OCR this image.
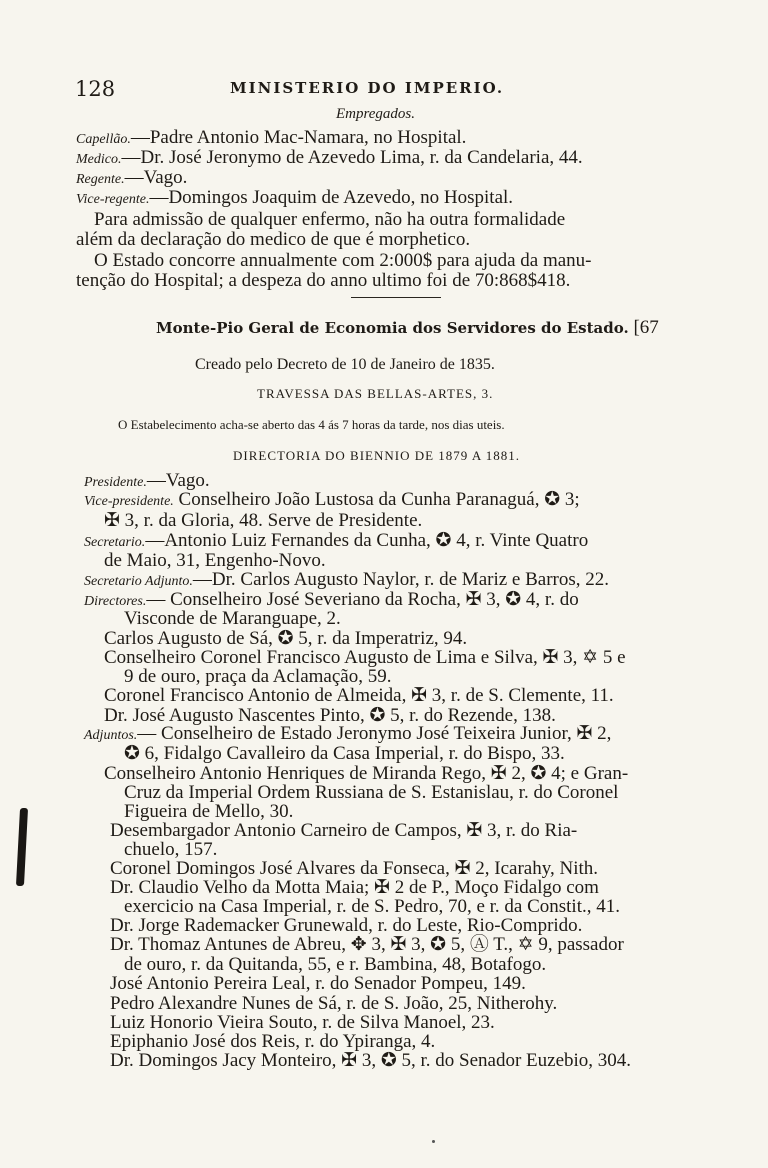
128	MINISTERIO DO IMPERIO.
Empregados.
Capellão.—Padre Antonio Mac-Namara, no Hospital.
Medico.—Dr. José Jeronymo de Azevedo Lima, r. da Candelaria, 44.
Regente.—Vago.
Vice-regente.—Domingos Joaquim de Azevedo, no Hospital.
Para admissão de qualquer enfermo, não ha outra formalidade
além da declaração do medico de que é morphetico.
O Estado concorre annualmente com 2:000$ para ajuda da manu-
tenção do Hospital; a despeza do anno ultimo foi de 70:868$418.
Monte-Pio Geral de Economia dos Servidores do Estado. [67
Creado pelo Decreto de 10 de Janeiro de 1835.
TRAVESSA DAS BELLAS-ARTES, 3.
O Estabelecimento acha-se aberto das 4 ás 7 horas da tarde, nos dias uteis.
DIRECTORIA DO BIENNIO DE 1879 A 1881.
Presidente.—Vago.
Vice-presidente. Conselheiro João Lustosa da Cunha Paranaguá, ✪ 3;
✠ 3, r. da Gloria, 48. Serve de Presidente.
Secretario.—Antonio Luiz Fernandes da Cunha, ✪ 4, r. Vinte Quatro
de Maio, 31, Engenho-Novo.
Secretario Adjunto.—Dr. Carlos Augusto Naylor, r. de Mariz e Barros, 22.
Directores.— Conselheiro José Severiano da Rocha, ✠ 3, ✪ 4, r. do
Visconde de Maranguape, 2.
Carlos Augusto de Sá, ✪ 5, r. da Imperatriz, 94.
Conselheiro Coronel Francisco Augusto de Lima e Silva, ✠ 3, ✡ 5 e
9 de ouro, praça da Aclamação, 59.
Coronel Francisco Antonio de Almeida, ✠ 3, r. de S. Clemente, 11.
Dr. José Augusto Nascentes Pinto, ✪ 5, r. do Rezende, 138.
Adjuntos.— Conselheiro de Estado Jeronymo José Teixeira Junior, ✠ 2,
✪ 6, Fidalgo Cavalleiro da Casa Imperial, r. do Bispo, 33.
Conselheiro Antonio Henriques de Miranda Rego, ✠ 2, ✪ 4; e Gran-
Cruz da Imperial Ordem Russiana de S. Estanislau, r. do Coronel
Figueira de Mello, 30.
Desembargador Antonio Carneiro de Campos, ✠ 3, r. do Ria-
chuelo, 157.
Coronel Domingos José Alvares da Fonseca, ✠ 2, Icarahy, Nith.
Dr. Claudio Velho da Motta Maia; ✠ 2 de P., Moço Fidalgo com
exercicio na Casa Imperial, r. de S. Pedro, 70, e r. da Constit., 41.
Dr. Jorge Rademacker Grunewald, r. do Leste, Rio-Comprido.
Dr. Thomaz Antunes de Abreu, ✥ 3, ✠ 3, ✪ 5, Ⓐ T., ✡ 9, passador
de ouro, r. da Quitanda, 55, e r. Bambina, 48, Botafogo.
José Antonio Pereira Leal, r. do Senador Pompeu, 149.
Pedro Alexandre Nunes de Sá, r. de S. João, 25, Nitherohy.
Luiz Honorio Vieira Souto, r. de Silva Manoel, 23.
Epiphanio José dos Reis, r. do Ypiranga, 4.
Dr. Domingos Jacy Monteiro, ✠ 3, ✪ 5, r. do Senador Euzebio, 304.
